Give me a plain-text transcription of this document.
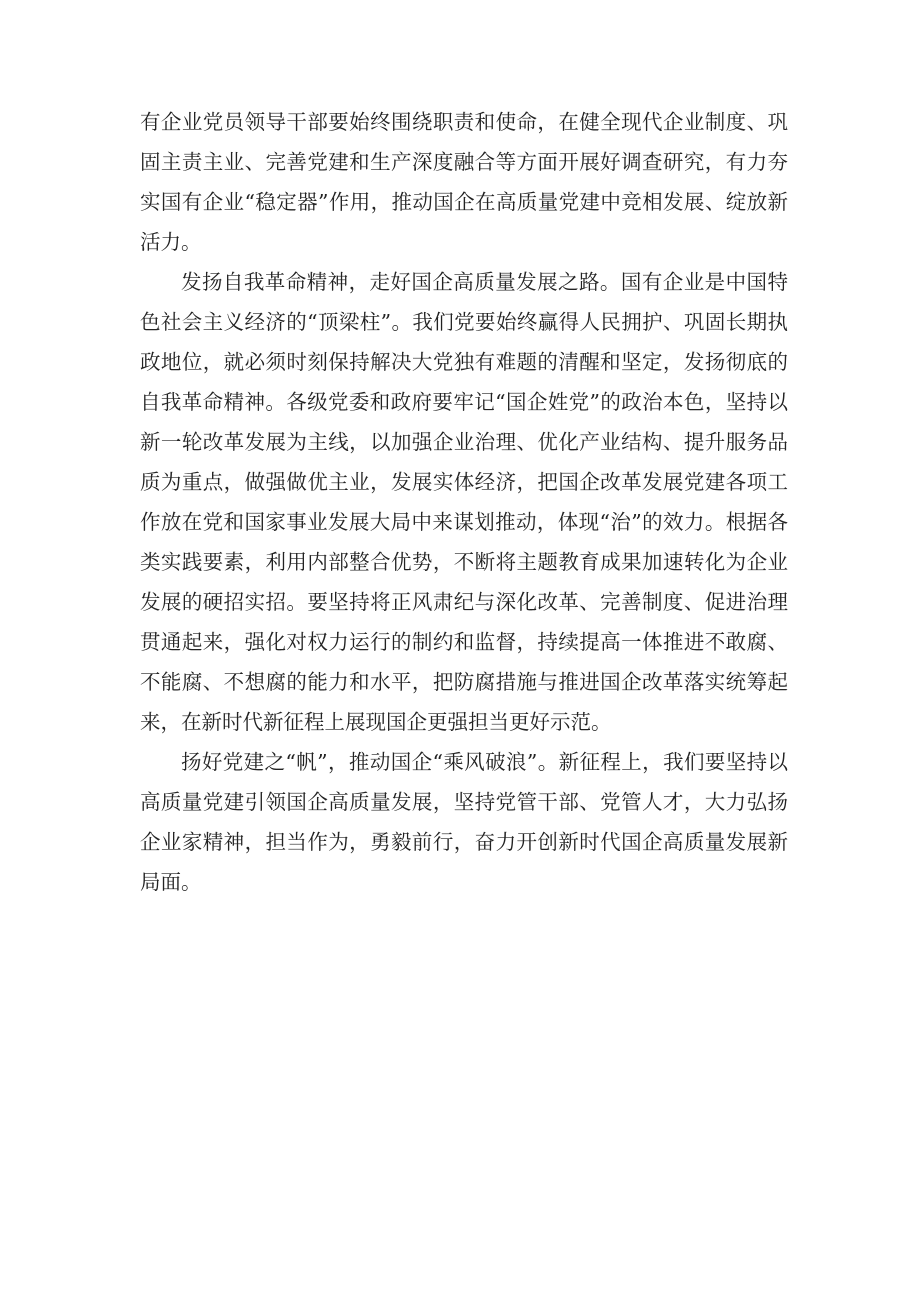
有企业党员领导干部要始终围绕职责和使命，在健全现代企业制度、巩固主责主业、完善党建和生产深度融合等方面开展好调查研究，有力夯实国有企业“稳定器”作用，推动国企在高质量党建中竞相发展、绽放新活力。

发扬自我革命精神，走好国企高质量发展之路。国有企业是中国特色社会主义经济的“顶梁柱”。我们党要始终赢得人民拥护、巩固长期执政地位，就必须时刻保持解决大党独有难题的清醒和坚定，发扬彻底的自我革命精神。各级党委和政府要牢记“国企姓党”的政治本色，坚持以新一轮改革发展为主线，以加强企业治理、优化产业结构、提升服务品质为重点，做强做优主业，发展实体经济，把国企改革发展党建各项工作放在党和国家事业发展大局中来谋划推动，体现“治”的效力。根据各类实践要素，利用内部整合优势，不断将主题教育成果加速转化为企业发展的硬招实招。要坚持将正风肃纪与深化改革、完善制度、促进治理贯通起来，强化对权力运行的制约和监督，持续提高一体推进不敢腐、不能腐、不想腐的能力和水平，把防腐措施与推进国企改革落实统筹起来，在新时代新征程上展现国企更强担当更好示范。

扬好党建之“帆”，推动国企“乘风破浪”。新征程上，我们要坚持以高质量党建引领国企高质量发展，坚持党管干部、党管人才，大力弘扬企业家精神，担当作为，勇毅前行，奋力开创新时代国企高质量发展新局面。
